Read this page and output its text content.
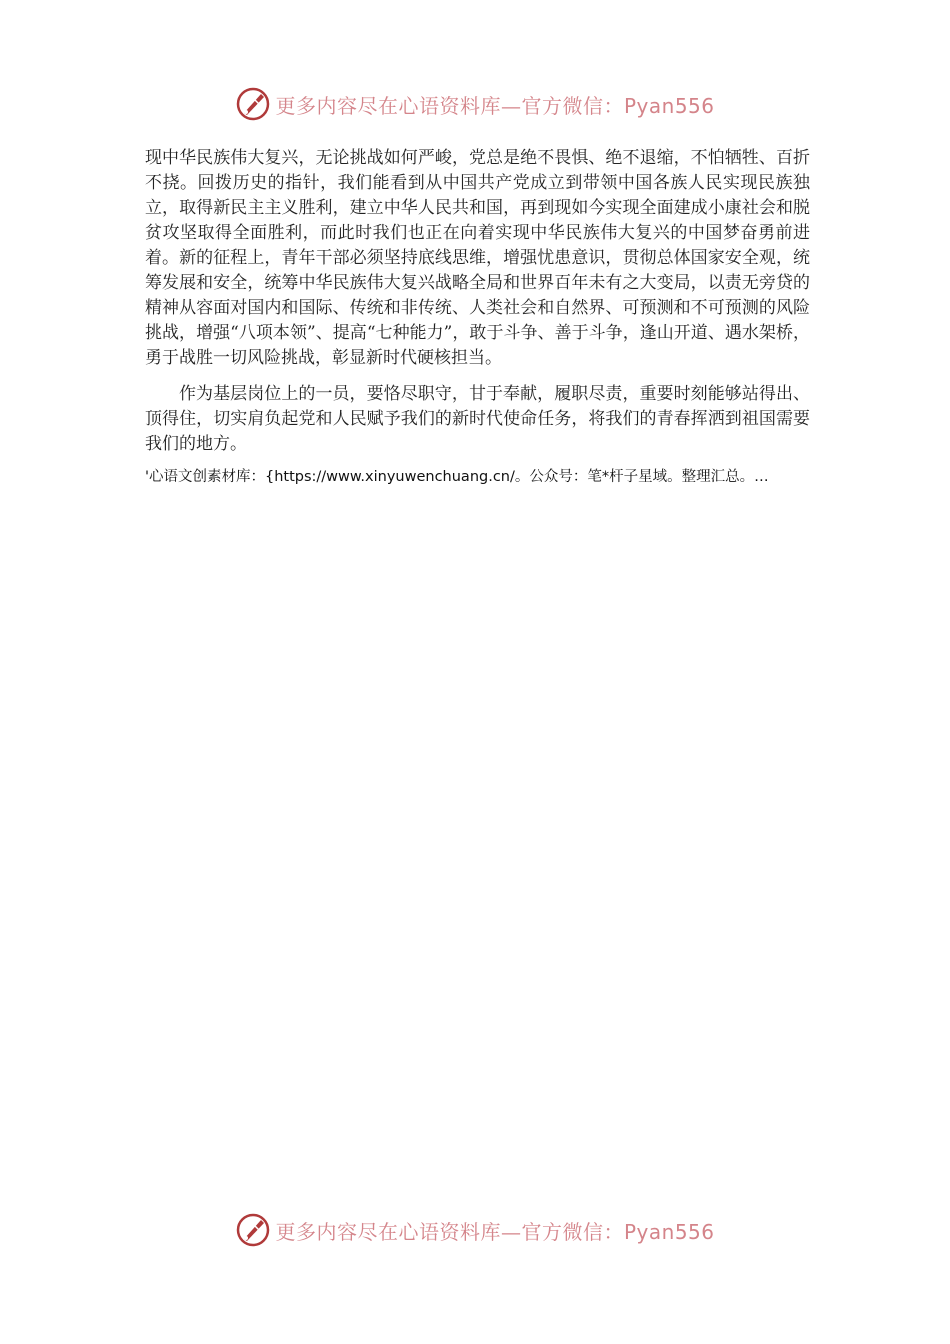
更多内容尽在心语资料库—官方微信：Pyan556

现中华民族伟大复兴，无论挑战如何严峻，党总是绝不畏惧、绝不退缩，不怕牺牲、百折不挠。回拨历史的指针，我们能看到从中国共产党成立到带领中国各族人民实现民族独立，取得新民主主义胜利，建立中华人民共和国，再到现如今实现全面建成小康社会和脱贫攻坚取得全面胜利，而此时我们也正在向着实现中华民族伟大复兴的中国梦奋勇前进着。新的征程上，青年干部必须坚持底线思维，增强忧患意识，贯彻总体国家安全观，统筹发展和安全，统筹中华民族伟大复兴战略全局和世界百年未有之大变局，以责无旁贷的精神从容面对国内和国际、传统和非传统、人类社会和自然界、可预测和不可预测的风险挑战，增强“八项本领”、提高“七种能力”，敢于斗争、善于斗争，逢山开道、遇水架桥，勇于战胜一切风险挑战，彰显新时代硬核担当。

作为基层岗位上的一员，要恪尽职守，甘于奉献，履职尽责，重要时刻能够站得出、顶得住，切实肩负起党和人民赋予我们的新时代使命任务，将我们的青春挥洒到祖国需要我们的地方。

'心语文创素材库：{https://www.xinyuwenchuang.cn/。公众号：笔*杆子星域。整理汇总。…
更多内容尽在心语资料库—官方微信：Pyan556
